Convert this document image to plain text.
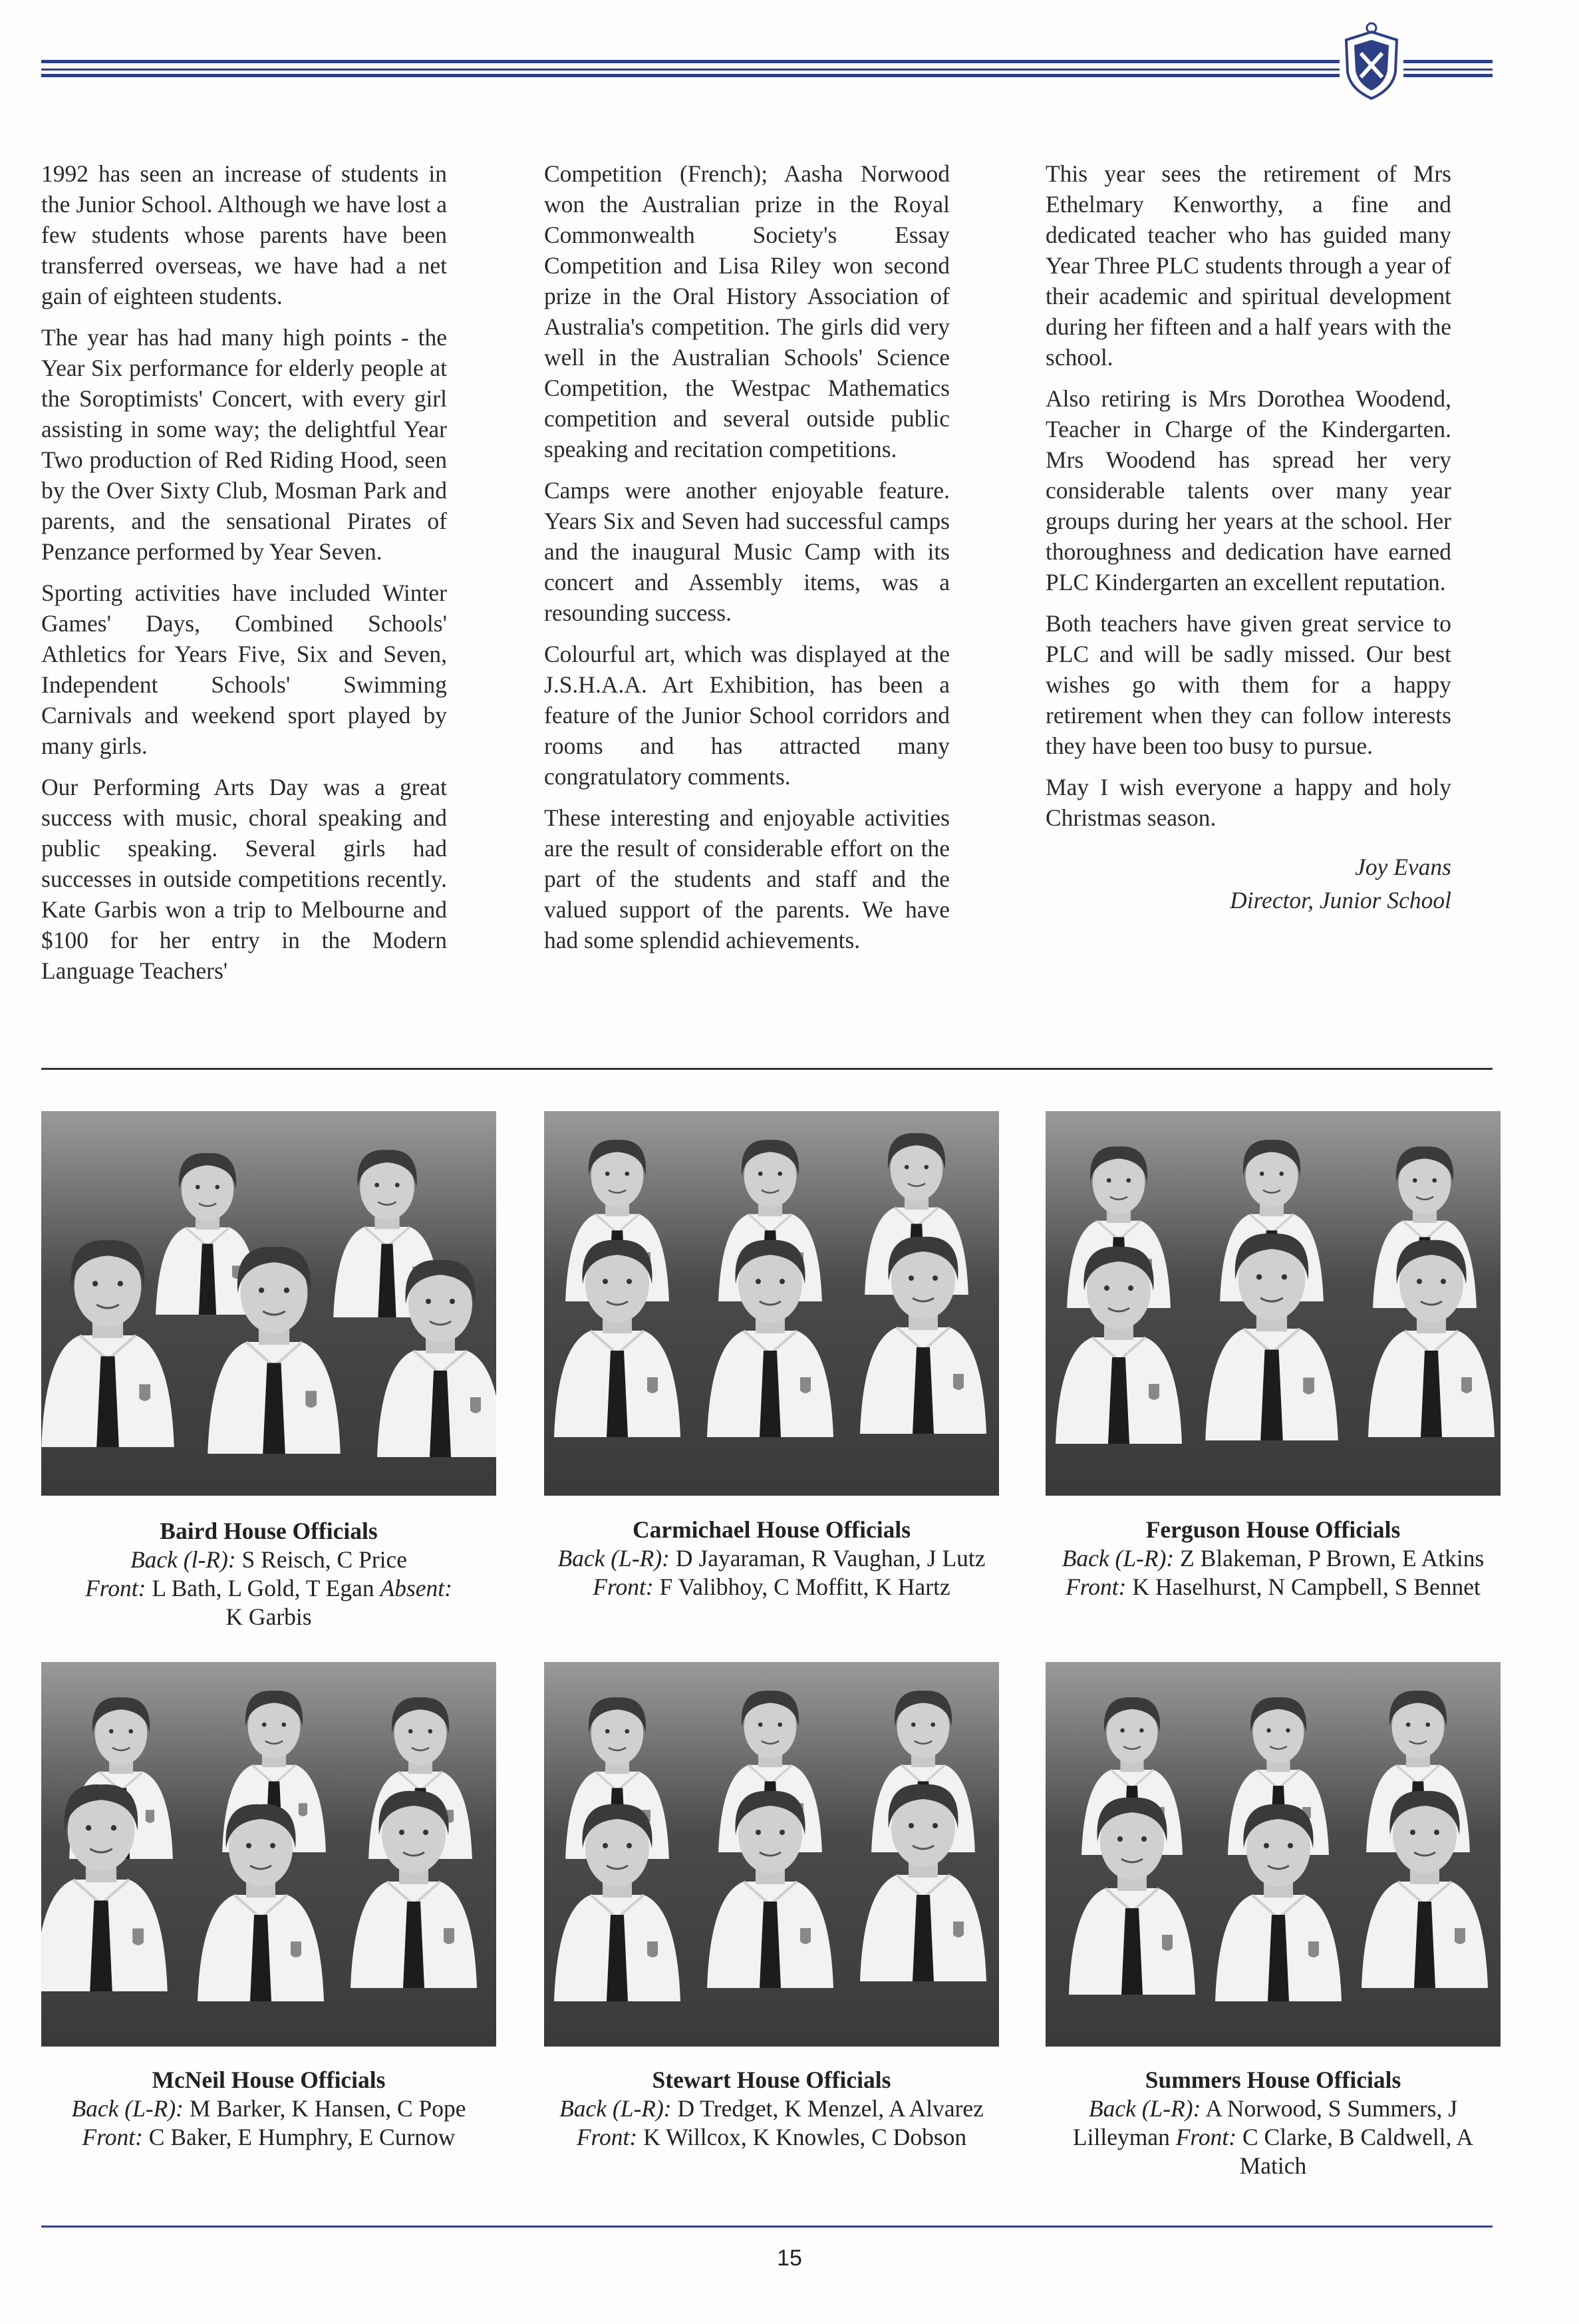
1992 has seen an increase of students in the Junior School. Although we have lost a few students whose parents have been transferred overseas, we have had a net gain of eighteen students.

The year has had many high points - the Year Six performance for elderly people at the Soroptimists' Concert, with every girl assisting in some way; the delightful Year Two production of Red Riding Hood, seen by the Over Sixty Club, Mosman Park and parents, and the sensational Pirates of Penzance performed by Year Seven.

Sporting activities have included Winter Games' Days, Combined Schools' Athletics for Years Five, Six and Seven, Independent Schools' Swimming Carnivals and weekend sport played by many girls.

Our Performing Arts Day was a great success with music, choral speaking and public speaking. Several girls had successes in outside competitions recently. Kate Garbis won a trip to Melbourne and $100 for her entry in the Modern Language Teachers'

Competition (French); Aasha Norwood won the Australian prize in the Royal Commonwealth Society's Essay Competition and Lisa Riley won second prize in the Oral History Association of Australia's competition. The girls did very well in the Australian Schools' Science Competition, the Westpac Mathematics competition and several outside public speaking and recitation competitions.

Camps were another enjoyable feature. Years Six and Seven had successful camps and the inaugural Music Camp with its concert and Assembly items, was a resounding success.

Colourful art, which was displayed at the J.S.H.A.A. Art Exhibition, has been a feature of the Junior School corridors and rooms and has attracted many congratulatory comments.

These interesting and enjoyable activities are the result of considerable effort on the part of the students and staff and the valued support of the parents. We have had some splendid achievements.

This year sees the retirement of Mrs Ethelmary Kenworthy, a fine and dedicated teacher who has guided many Year Three PLC students through a year of their academic and spiritual development during her fifteen and a half years with the school.

Also retiring is Mrs Dorothea Woodend, Teacher in Charge of the Kindergarten. Mrs Woodend has spread her very considerable talents over many year groups during her years at the school. Her thoroughness and dedication have earned PLC Kindergarten an excellent reputation.

Both teachers have given great service to PLC and will be sadly missed. Our best wishes go with them for a happy retirement when they can follow interests they have been too busy to pursue.

May I wish everyone a happy and holy Christmas season.

Joy Evans
Director, Junior School
Baird House Officials
Back (l-R): S Reisch, C Price
Front: L Bath, L Gold, T Egan Absent:
K Garbis
Carmichael House Officials
Back (L-R): D Jayaraman, R Vaughan, J Lutz Front: F Valibhoy, C Moffitt, K Hartz
Ferguson House Officials
Back (L-R): Z Blakeman, P Brown, E Atkins Front: K Haselhurst, N Campbell, S Bennet
McNeil House Officials
Back (L-R): M Barker, K Hansen, C Pope
Front: C Baker, E Humphry, E Curnow
Stewart House Officials
Back (L-R): D Tredget, K Menzel, A Alvarez Front: K Willcox, K Knowles, C Dobson
Summers House Officials
Back (L-R): A Norwood, S Summers, J Lilleyman Front: C Clarke, B Caldwell, A Matich
15
